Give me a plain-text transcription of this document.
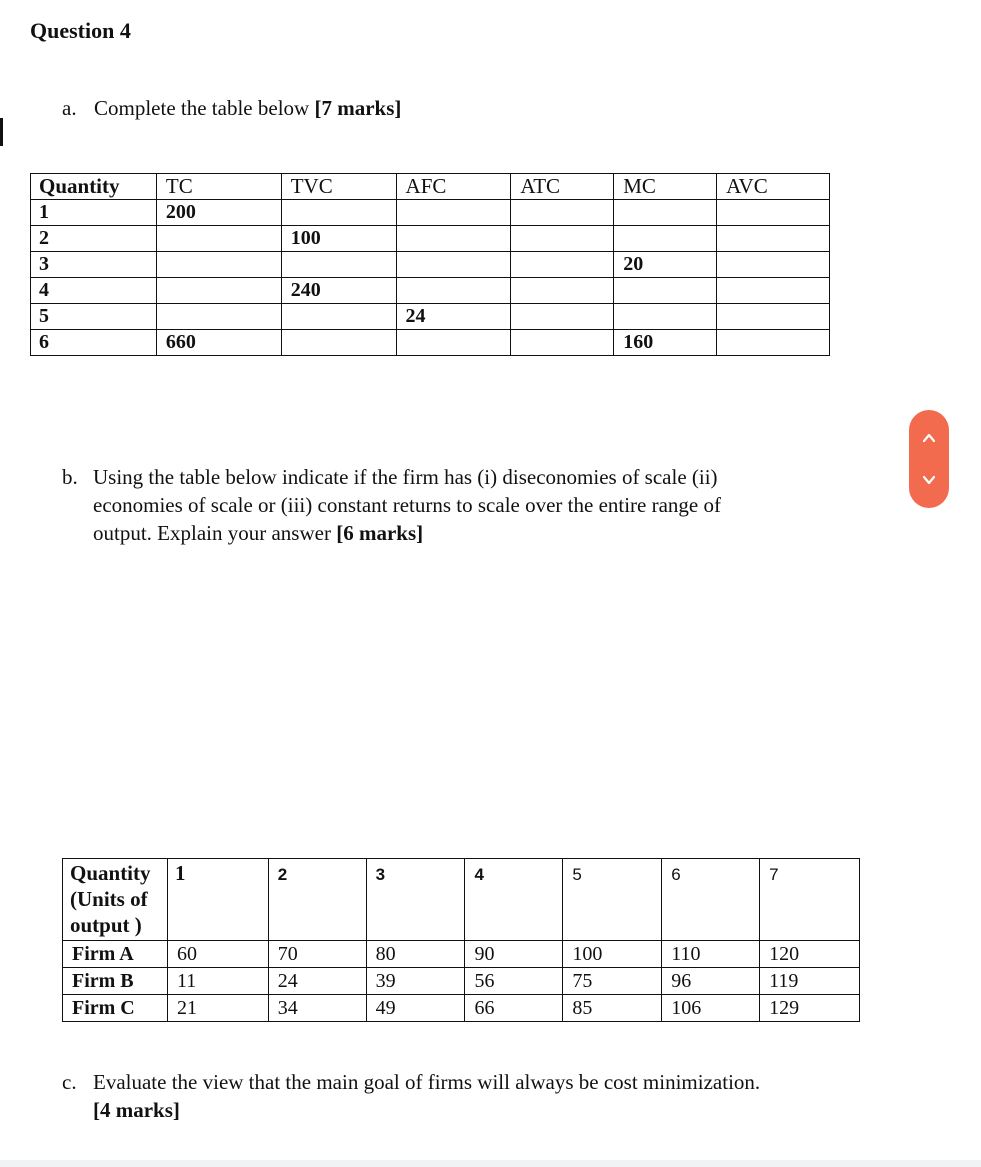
Question 4
a. Complete the table below [7 marks]
Quantity	TC	TVC	AFC	ATC	MC	AVC
1	200					
2		100				
3					20	
4		240				
5			24			
6	660				160	
b. Using the table below indicate if the firm has (i) diseconomies of scale (ii)
economies of scale or (iii) constant returns to scale over the entire range of
output. Explain your answer [6 marks]
Quantity
(Units of
output )	1	2	3	4	5	6	7
Firm A	60	70	80	90	100	110	120
Firm B	11	24	39	56	75	96	119
Firm C	21	34	49	66	85	106	129
c. Evaluate the view that the main goal of firms will always be cost minimization.
[4 marks]
